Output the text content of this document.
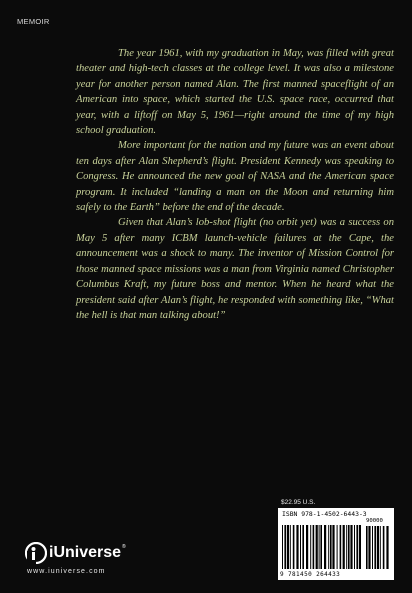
MEMOIR

The year 1961, with my graduation in May, was filled with great theater and high-tech classes at the college level. It was also a milestone year for another person named Alan. The first manned spaceflight of an American into space, which started the U.S. space race, occurred that year, with a liftoff on May 5, 1961—right around the time of my high school graduation.

More important for the nation and my future was an event about ten days after Alan Shepherd’s flight. President Kennedy was speaking to Congress. He announced the new goal of NASA and the American space program. It included “landing a man on the Moon and returning him safely to the Earth” before the end of the decade.

Given that Alan’s lob-shot flight (no orbit yet) was a success on May 5 after many ICBM launch-vehicle failures at the Cape, the announcement was a shock to many. The inventor of Mission Control for those manned space missions was a man from Virginia named Christopher Columbus Kraft, my future boss and mentor. When he heard what the president said after Alan’s flight, he responded with something like, “What the hell is that man talking about!”

$22.95 U.S.
ISBN 978-1-4502-6443-3
90000
9 781450 264433
iUniverse ®
www.iuniverse.com
